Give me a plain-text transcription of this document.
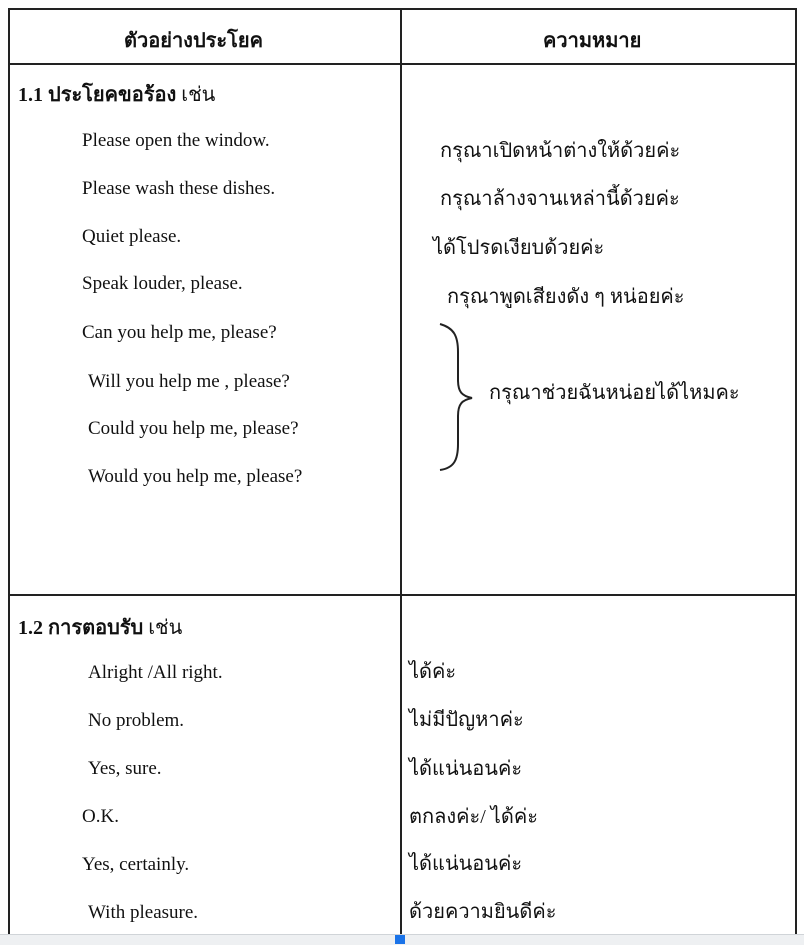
ตัวอย่างประโยค	ความหมาย
1.1 ประโยคขอร้อง เช่น
Please open the window.
Please wash these dishes.
Quiet please.
Speak louder, please.
Can you help me, please?
Will you help me , please?
Could you help me, please?
Would you help me, please?
กรุณาเปิดหน้าต่างให้ด้วยค่ะ
กรุณาล้างจานเหล่านี้ด้วยค่ะ
ได้โปรดเงียบด้วยค่ะ
กรุณาพูดเสียงดัง ๆ หน่อยค่ะ
กรุณาช่วยฉันหน่อยได้ไหมคะ
1.2 การตอบรับ เช่น
Alright /All right.
No problem.
Yes, sure.
O.K.
Yes, certainly.
With pleasure.
ได้ค่ะ
ไม่มีปัญหาค่ะ
ได้แน่นอนค่ะ
ตกลงค่ะ/ ได้ค่ะ
ได้แน่นอนค่ะ
ด้วยความยินดีค่ะ
